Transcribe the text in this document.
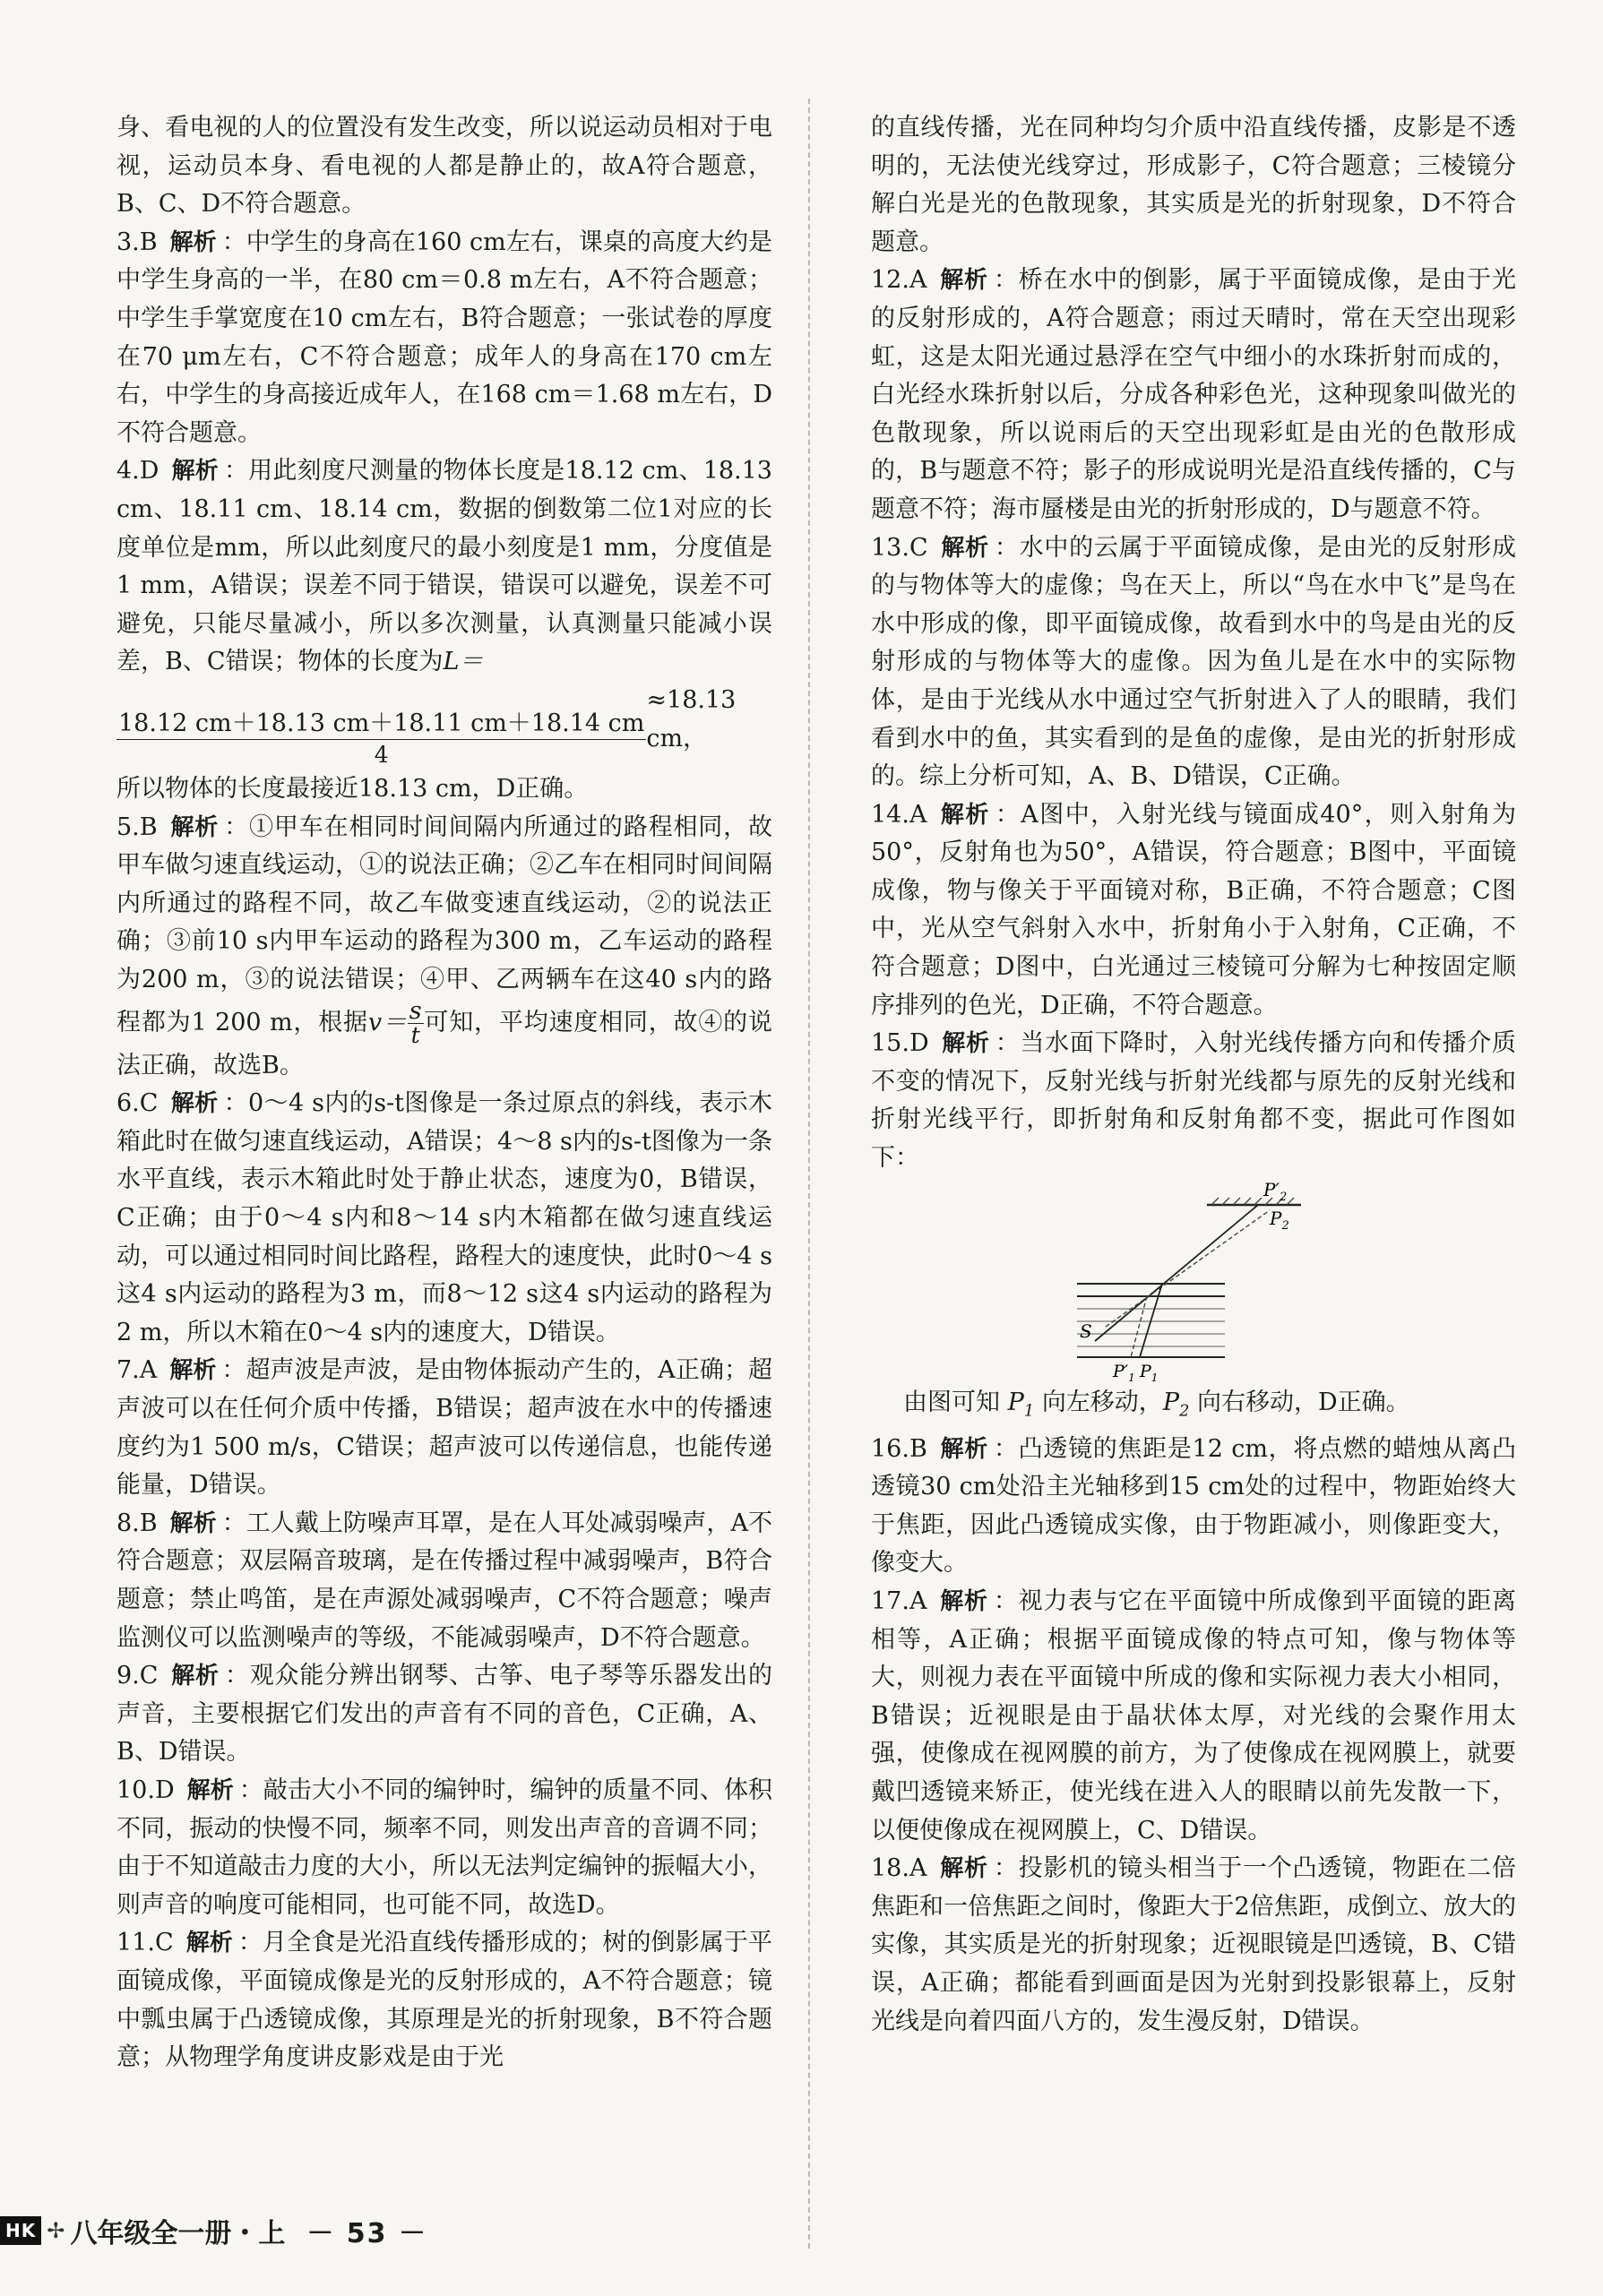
身、看电视的人的位置没有发生改变，所以说运动员相对于电视，运动员本身、看电视的人都是静止的，故A符合题意，B、C、D不符合题意。

3.B 解析 ：中学生的身高在160 cm左右，课桌的高度大约是中学生身高的一半，在80 cm＝0.8 m左右，A不符合题意；中学生手掌宽度在10 cm左右，B符合题意；一张试卷的厚度在70 μm左右，C不符合题意；成年人的身高在170 cm左右，中学生的身高接近成年人，在168 cm＝1.68 m左右，D不符合题意。

4.D 解析 ：用此刻度尺测量的物体长度是18.12 cm、18.13 cm、18.11 cm、18.14 cm，数据的倒数第二位1对应的长度单位是mm，所以此刻度尺的最小刻度是1 mm，分度值是1 mm，A错误；误差不同于错误，错误可以避免，误差不可避免，只能尽量减小，所以多次测量，认真测量只能减小误差，B、C错误；物体的长度为L＝

$\frac{18.12 cm+18.13 cm+18.11 cm+18.14 cm}{4}$
≈18.13 cm，

所以物体的长度最接近18.13 cm，D正确。

5.B 解析 ：①甲车在相同时间间隔内所通过的路程相同，故甲车做匀速直线运动，①的说法正确；②乙车在相同时间间隔内所通过的路程不同，故乙车做变速直线运动，②的说法正确；③前10 s内甲车运动的路程为300 m，乙车运动的路程为200 m，③的说法错误；④甲、乙两辆车在这40 s内的路程都为1 200 m，根据$v= \frac{s}{t}$ 可知，平均速度相同，故④的说法正确，故选B。

6.C 解析 ：0～4 s内的s-t图像是一条过原点的斜线，表示木箱此时在做匀速直线运动，A错误；4～8 s内的s-t图像为一条水平直线，表示木箱此时处于静止状态，速度为0，B错误，C正确；由于0～4 s内和8～14 s内木箱都在做匀速直线运动，可以通过相同时间比路程，路程大的速度快，此时0～4 s这4 s内运动的路程为3 m，而8～12 s这4 s内运动的路程为2 m，所以木箱在0～4 s内的速度大，D错误。

7.A 解析 ：超声波是声波，是由物体振动产生的，A正确；超声波可以在任何介质中传播，B错误；超声波在水中的传播速度约为1 500 m/s，C错误；超声波可以传递信息，也能传递能量，D错误。

8.B 解析 ：工人戴上防噪声耳罩，是在人耳处减弱噪声，A不符合题意；双层隔音玻璃，是在传播过程中减弱噪声，B符合题意；禁止鸣笛，是在声源处减弱噪声，C不符合题意；噪声监测仪可以监测噪声的等级，不能减弱噪声，D不符合题意。

9.C 解析 ：观众能分辨出钢琴、古筝、电子琴等乐器发出的声音，主要根据它们发出的声音有不同的音色，C正确，A、B、D错误。

10.D 解析 ：敲击大小不同的编钟时，编钟的质量不同、体积不同，振动的快慢不同，频率不同，则发出声音的音调不同；由于不知道敲击力度的大小，所以无法判定编钟的振幅大小，则声音的响度可能相同，也可能不同，故选D。

11.C 解析 ：月全食是光沿直线传播形成的；树的倒影属于平面镜成像，平面镜成像是光的反射形成的，A不符合题意；镜中瓢虫属于凸透镜成像，其原理是光的折射现象，B不符合题意；从物理学角度讲皮影戏是由于光

的直线传播，光在同种均匀介质中沿直线传播，皮影是不透明的，无法使光线穿过，形成影子，C符合题意；三棱镜分解白光是光的色散现象，其实质是光的折射现象，D不符合题意。

12.A 解析 ：桥在水中的倒影，属于平面镜成像，是由于光的反射形成的，A符合题意；雨过天晴时，常在天空出现彩虹，这是太阳光通过悬浮在空气中细小的水珠折射而成的，白光经水珠折射以后，分成各种彩色光，这种现象叫做光的色散现象，所以说雨后的天空出现彩虹是由光的色散形成的，B与题意不符；影子的形成说明光是沿直线传播的，C与题意不符；海市蜃楼是由光的折射形成的，D与题意不符。

13.C 解析 ：水中的云属于平面镜成像，是由光的反射形成的与物体等大的虚像；鸟在天上，所以“鸟在水中飞”是鸟在水中形成的像，即平面镜成像，故看到水中的鸟是由光的反射形成的与物体等大的虚像。因为鱼儿是在水中的实际物体，是由于光线从水中通过空气折射进入了人的眼睛，我们看到水中的鱼，其实看到的是鱼的虚像，是由光的折射形成的。综上分析可知，A、B、D错误，C正确。

14.A 解析 ：A图中，入射光线与镜面成40°，则入射角为50°，反射角也为50°，A错误，符合题意；B图中，平面镜成像，物与像关于平面镜对称，B正确，不符合题意；C图中，光从空气斜射入水中，折射角小于入射角，C正确，不符合题意；D图中，白光通过三棱镜可分解为七种按固定顺序排列的色光，D正确，不符合题意。

15.D 解析 ：当水面下降时，入射光线传播方向和传播介质不变的情况下，反射光线与折射光线都与原先的反射光线和折射光线平行，即折射角和反射角都不变，据此可作图如下：

$P'_2$
$P_2$
S
$P'_1$ $P_1$

由图可知 $P_1$ 向左移动，$P_2$ 向右移动，D正确。

16.B 解析 ：凸透镜的焦距是12 cm，将点燃的蜡烛从离凸透镜30 cm处沿主光轴移到15 cm处的过程中，物距始终大于焦距，因此凸透镜成实像，由于物距减小，则像距变大，像变大。

17.A 解析 ：视力表与它在平面镜中所成像到平面镜的距离相等，A正确；根据平面镜成像的特点可知，像与物体等大，则视力表在平面镜中所成的像和实际视力表大小相同，B错误；近视眼是由于晶状体太厚，对光线的会聚作用太强，使像成在视网膜的前方，为了使像成在视网膜上，就要戴凹透镜来矫正，使光线在进入人的眼睛以前先发散一下，以便使像成在视网膜上，C、D错误。

18.A 解析 ：投影机的镜头相当于一个凸透镜，物距在二倍焦距和一倍焦距之间时，像距大于2倍焦距，成倒立、放大的实像，其实质是光的折射现象；近视眼镜是凹透镜，B、C错误，A正确；都能看到画面是因为光射到投影银幕上，反射光线是向着四面八方的，发生漫反射，D错误。

HK ✢ 八年级全一册・上 － 53 －
